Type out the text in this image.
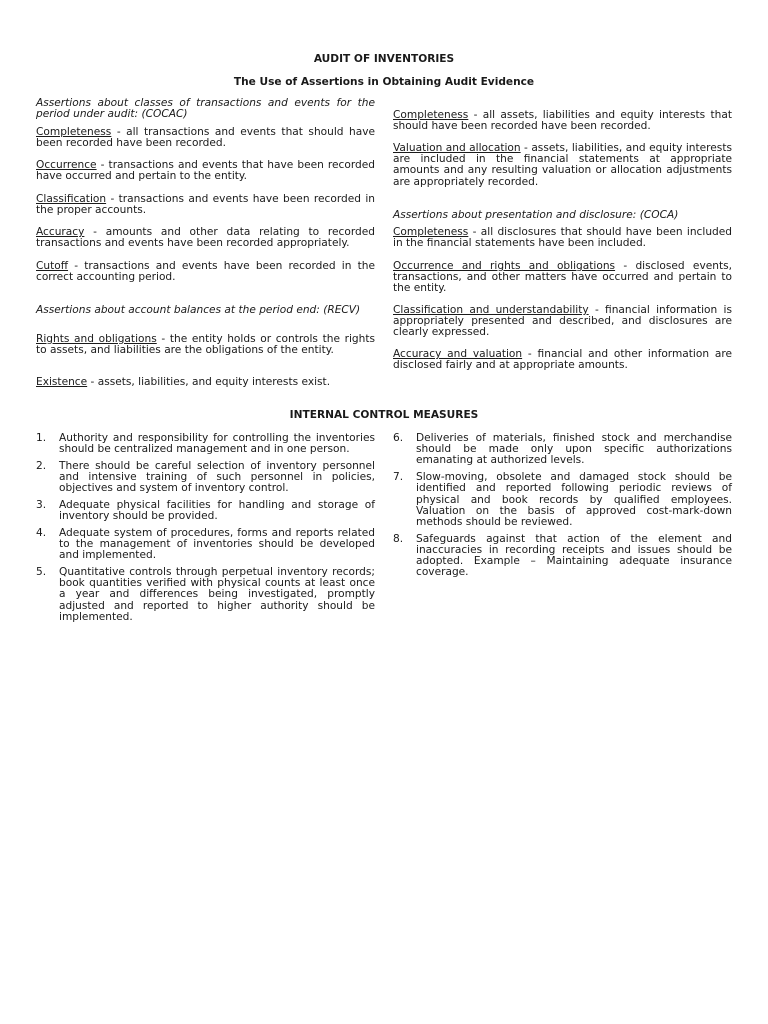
AUDIT OF INVENTORIES
The Use of Assertions in Obtaining Audit Evidence

Assertions about classes of transactions and events for the period under audit: (COCAC)

Completeness - all transactions and events that should have been recorded have been recorded.

Occurrence - transactions and events that have been recorded have occurred and pertain to the entity.

Classification - transactions and events have been recorded in the proper accounts.

Accuracy - amounts and other data relating to recorded transactions and events have been recorded appropriately.

Cutoff - transactions and events have been recorded in the correct accounting period.

Assertions about account balances at the period end: (RECV)

Rights and obligations - the entity holds or controls the rights to assets, and liabilities are the obligations of the entity.

Existence - assets, liabilities, and equity interests exist.

Completeness - all assets, liabilities and equity interests that should have been recorded have been recorded.

Valuation and allocation - assets, liabilities, and equity interests are included in the financial statements at appropriate amounts and any resulting valuation or allocation adjustments are appropriately recorded.

Assertions about presentation and disclosure: (COCA)

Completeness - all disclosures that should have been included in the financial statements have been included.

Occurrence and rights and obligations - disclosed events, transactions, and other matters have occurred and pertain to the entity.

Classification and understandability - financial information is appropriately presented and described, and disclosures are clearly expressed.

Accuracy and valuation - financial and other information are disclosed fairly and at appropriate amounts.

INTERNAL CONTROL MEASURES
1. Authority and responsibility for controlling the inventories should be centralized management and in one person.
2. There should be careful selection of inventory personnel and intensive training of such personnel in policies, objectives and system of inventory control.
3. Adequate physical facilities for handling and storage of inventory should be provided.
4. Adequate system of procedures, forms and reports related to the management of inventories should be developed and implemented.
5. Quantitative controls through perpetual inventory records; book quantities verified with physical counts at least once a year and differences being investigated, promptly adjusted and reported to higher authority should be implemented.
6. Deliveries of materials, finished stock and merchandise should be made only upon specific authorizations emanating at authorized levels.
7. Slow-moving, obsolete and damaged stock should be identified and reported following periodic reviews of physical and book records by qualified employees. Valuation on the basis of approved cost-mark-down methods should be reviewed.
8. Safeguards against that action of the element and inaccuracies in recording receipts and issues should be adopted. Example – Maintaining adequate insurance coverage.
